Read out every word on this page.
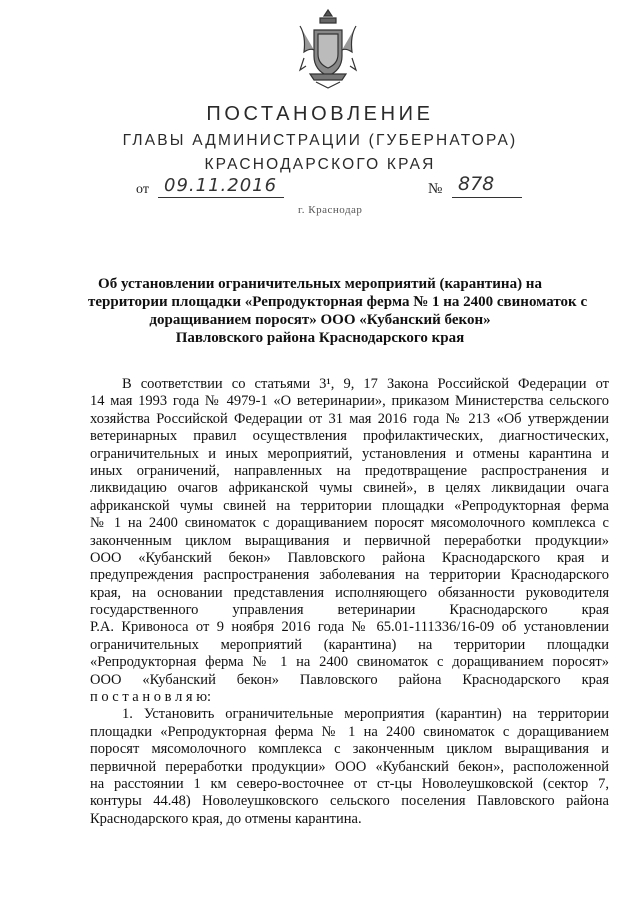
ПОСТАНОВЛЕНИЕ
ГЛАВЫ АДМИНИСТРАЦИИ (ГУБЕРНАТОРА)
КРАСНОДАРСКОГО КРАЯ
от 09.11.2016	№ 878
г. Краснодар
Об установлении ограничительных мероприятий (карантина) на
территории площадки «Репродукторная ферма № 1 на 2400 свиноматок с
доращиванием поросят» ООО «Кубанский бекон»
Павловского района Краснодарского края
В соответствии со статьями 3¹, 9, 17 Закона Российской Федерации от
14 мая 1993 года № 4979-1 «О ветеринарии», приказом Министерства сельского
хозяйства Российской Федерации от 31 мая 2016 года № 213 «Об утверждении
ветеринарных правил осуществления профилактических, диагностических,
ограничительных и иных мероприятий, установления и отмены карантина и
иных ограничений, направленных на предотвращение распространения и
ликвидацию очагов африканской чумы свиней», в целях ликвидации очага
африканской чумы свиней на территории площадки «Репродукторная ферма
№ 1 на 2400 свиноматок с доращиванием поросят мясомолочного комплекса с
законченным циклом выращивания и первичной переработки продукции»
ООО «Кубанский бекон» Павловского района Краснодарского края и
предупреждения распространения заболевания на территории Краснодарского
края, на основании представления исполняющего обязанности руководителя
государственного управления ветеринарии Краснодарского края
Р.А. Кривоноса от 9 ноября 2016 года № 65.01-111336/16-09 об установлении
ограничительных мероприятий (карантина) на территории площадки
«Репродукторная ферма № 1 на 2400 свиноматок с доращиванием поросят»
ООО «Кубанский бекон» Павловского района Краснодарского края
п о с т а н о в л я ю:
1. Установить ограничительные мероприятия (карантин) на территории
площадки «Репродукторная ферма № 1 на 2400 свиноматок с доращиванием
поросят мясомолочного комплекса с законченным циклом выращивания и
первичной переработки продукции» ООО «Кубанский бекон», расположенной
на расстоянии 1 км северо-восточнее от ст-цы Новолеушковской (сектор 7,
контуры 44.48) Новолеушковского сельского поселения Павловского района
Краснодарского края, до отмены карантина.
